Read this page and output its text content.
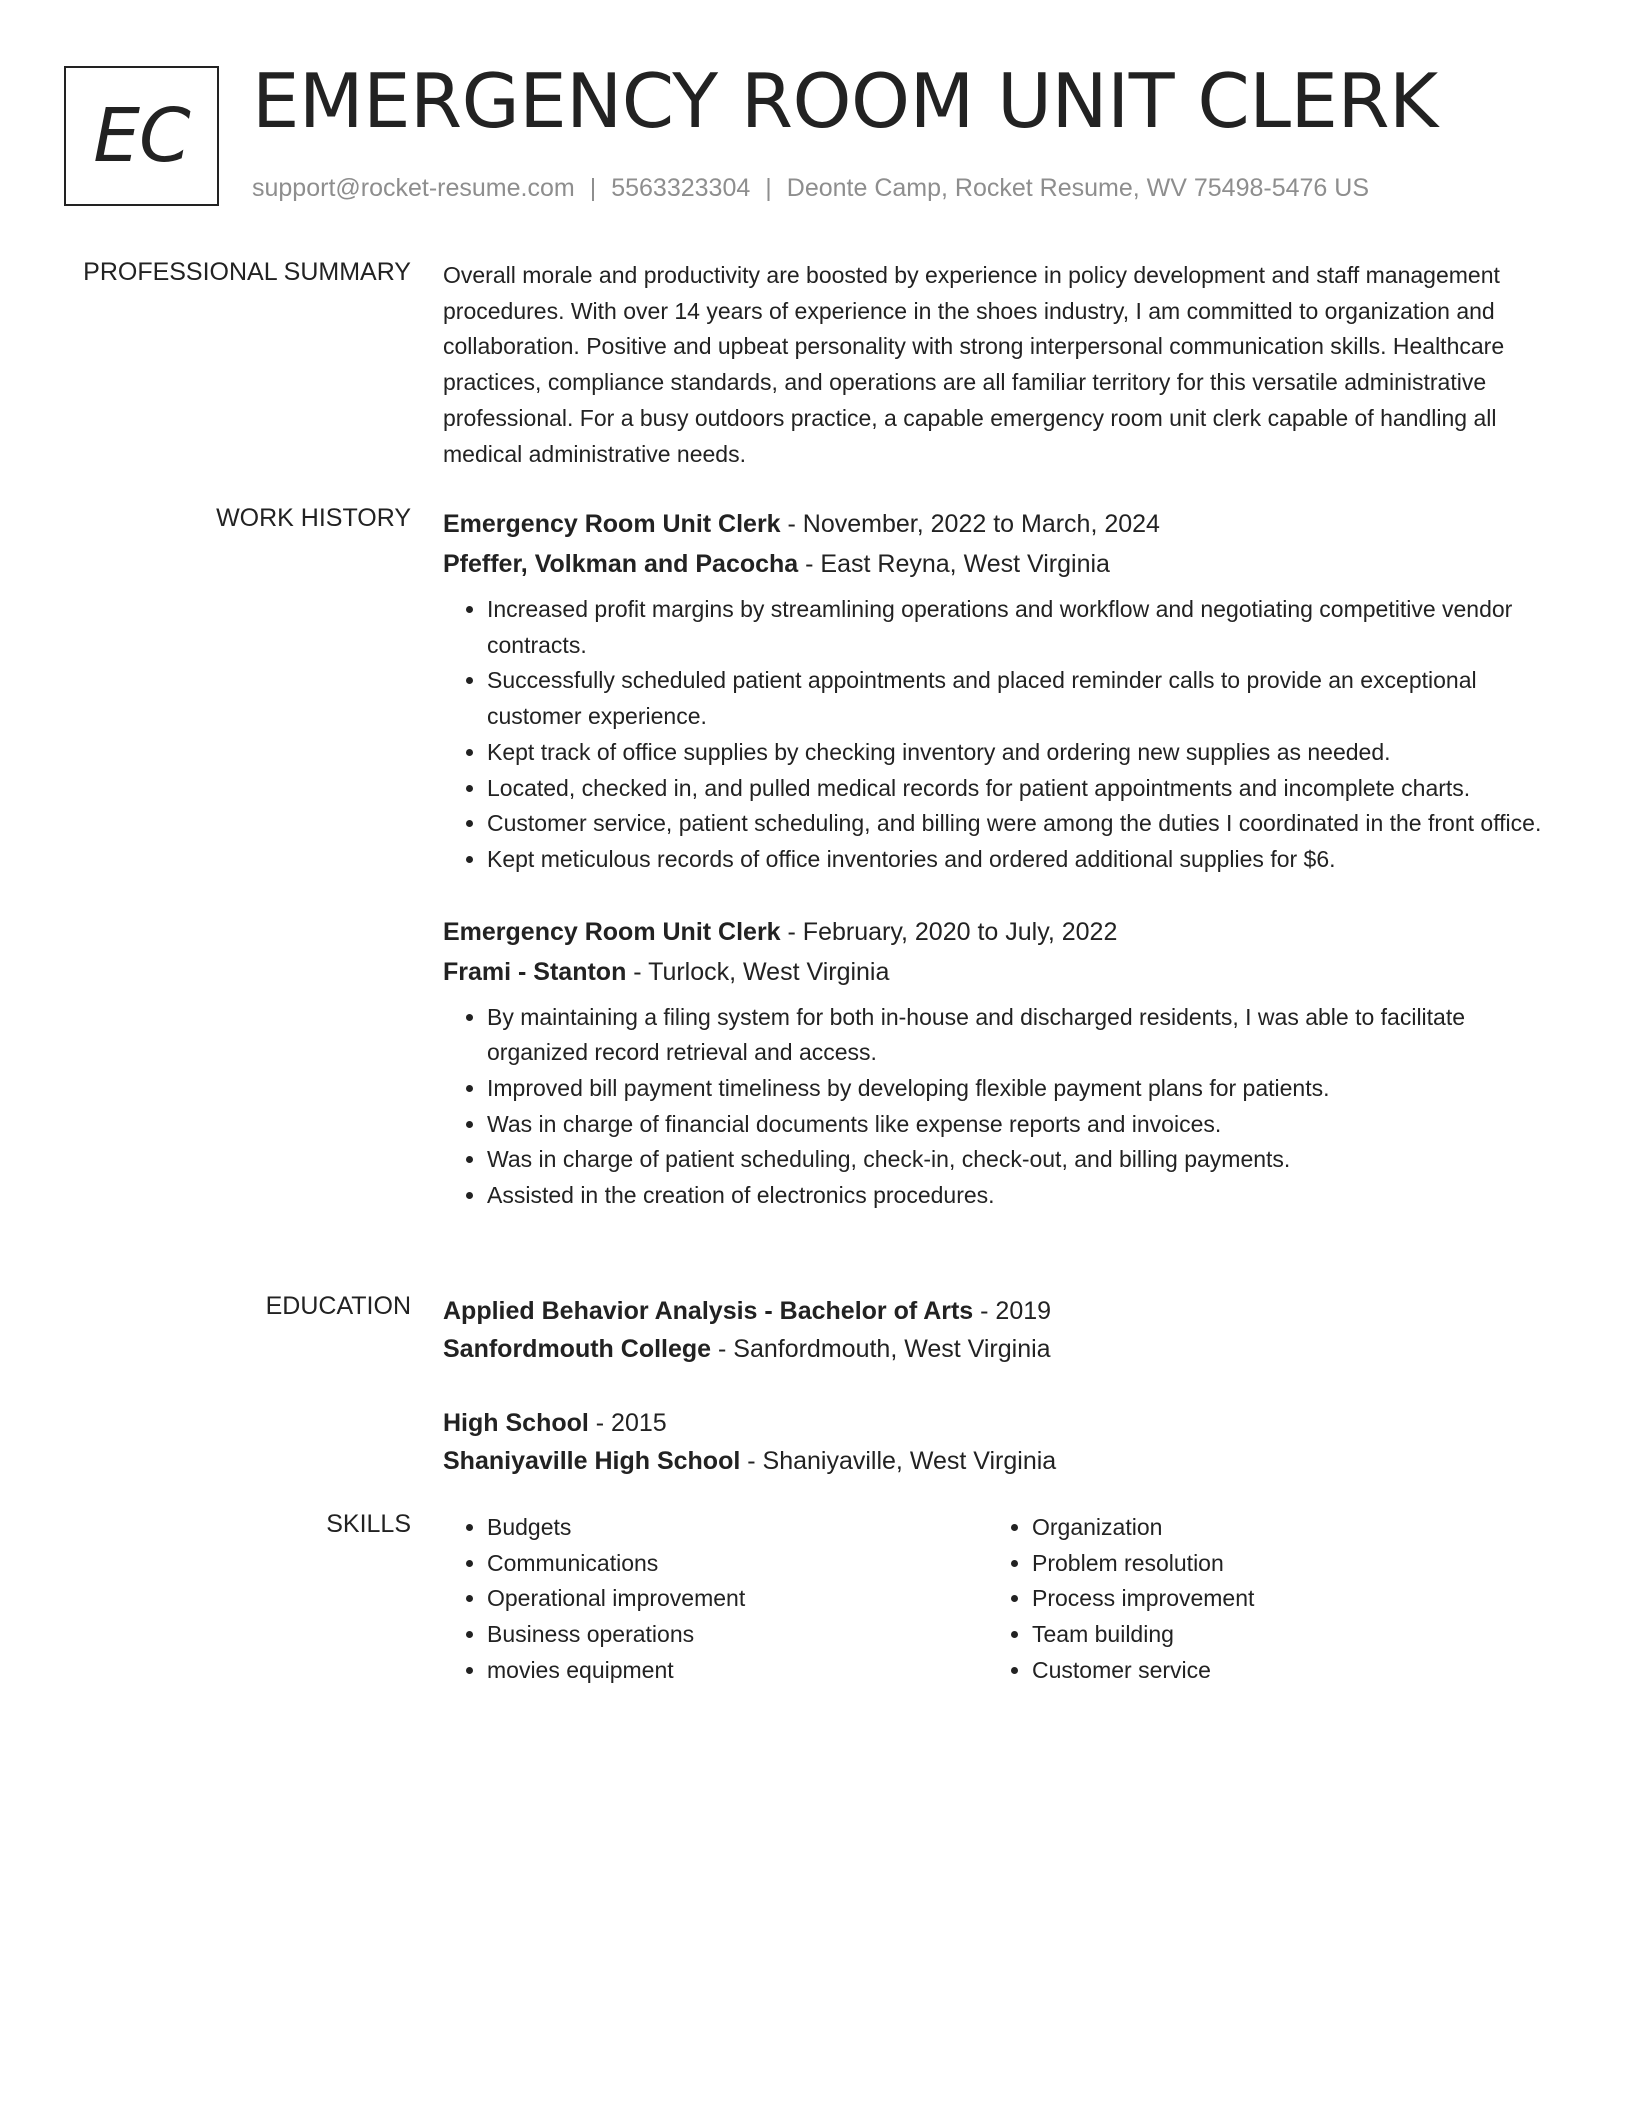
EC EMERGENCY ROOM UNIT CLERK
support@rocket-resume.com | 5563323304 | Deonte Camp, Rocket Resume, WV 75498-5476 US
PROFESSIONAL SUMMARY Overall morale and productivity are boosted by experience in policy development and staff management procedures. With over 14 years of experience in the shoes industry, I am committed to organization and collaboration. Positive and upbeat personality with strong interpersonal communication skills. Healthcare practices, compliance standards, and operations are all familiar territory for this versatile administrative professional. For a busy outdoors practice, a capable emergency room unit clerk capable of handling all medical administrative needs.
WORK HISTORY Emergency Room Unit Clerk - November, 2022 to March, 2024
Pfeffer, Volkman and Pacocha - East Reyna, West Virginia
• Increased profit margins by streamlining operations and workflow and negotiating competitive vendor contracts.
• Successfully scheduled patient appointments and placed reminder calls to provide an exceptional customer experience.
• Kept track of office supplies by checking inventory and ordering new supplies as needed.
• Located, checked in, and pulled medical records for patient appointments and incomplete charts.
• Customer service, patient scheduling, and billing were among the duties I coordinated in the front office.
• Kept meticulous records of office inventories and ordered additional supplies for $6.
Emergency Room Unit Clerk - February, 2020 to July, 2022
Frami - Stanton - Turlock, West Virginia
• By maintaining a filing system for both in-house and discharged residents, I was able to facilitate organized record retrieval and access.
• Improved bill payment timeliness by developing flexible payment plans for patients.
• Was in charge of financial documents like expense reports and invoices.
• Was in charge of patient scheduling, check-in, check-out, and billing payments.
• Assisted in the creation of electronics procedures.
EDUCATION Applied Behavior Analysis - Bachelor of Arts - 2019
Sanfordmouth College - Sanfordmouth, West Virginia
High School - 2015
Shaniyaville High School - Shaniyaville, West Virginia
SKILLS
•	Budgets
• Communications
• Operational improvement
• Business operations
• movies equipment
• Organization
• Problem resolution
• Process improvement
• Team building
• Customer service
